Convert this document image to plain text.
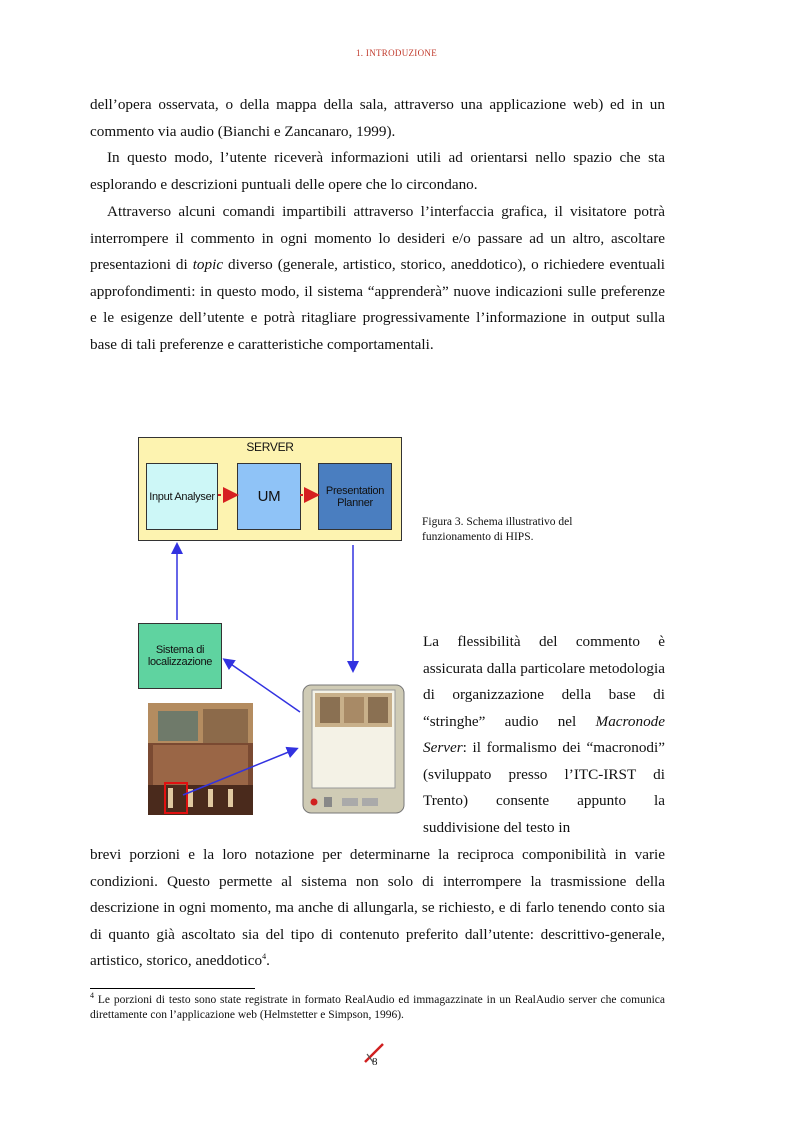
1. INTRODUZIONE
dell’opera osservata, o della mappa della sala, attraverso una applicazione web) ed in un commento via audio (Bianchi e Zancanaro, 1999).
In questo modo, l’utente riceverà informazioni utili ad orientarsi nello spazio che sta esplorando e descrizioni puntuali delle opere che lo circondano.
Attraverso alcuni comandi impartibili attraverso l’interfaccia grafica, il visitatore potrà interrompere il commento in ogni momento lo desideri e/o passare ad un altro, ascoltare presentazioni di topic diverso (generale, artistico, storico, aneddotico), o richiedere eventuali approfondimenti: in questo modo, il sistema “apprenderà” nuove indicazioni sulle preferenze e le esigenze dell’utente e potrà ritagliare progressivamente l’informazione in output sulla base di tali preferenze e caratteristiche comportamentali.
SERVER
Input Analyser	UM	Presentation Planner
Sistema di localizzazione
Figura 3. Schema illustrativo del funzionamento di HIPS.
La flessibilità del commento è assicurata dalla particolare metodologia di organizzazione della base di “stringhe” audio nel Macronode Server: il formalismo dei “macronodi” (sviluppato presso l’ITC-IRST di Trento) consente appunto la suddivisione del testo in
brevi porzioni e la loro notazione per determinarne la reciproca componibilità in varie condizioni. Questo permette al sistema non solo di interrompere la trasmissione della descrizione in ogni momento, ma anche di allungarla, se richiesto, e di farlo tenendo conto sia di quanto già ascoltato sia del tipo di contenuto preferito dall’utente: descrittivo-generale, artistico, storico, aneddotico$^4$.
$^4$ Le porzioni di testo sono state registrate in formato RealAudio ed immagazzinate in un RealAudio server che comunica direttamente con l’applicazione web (Helmstetter e Simpson, 1996).
8
